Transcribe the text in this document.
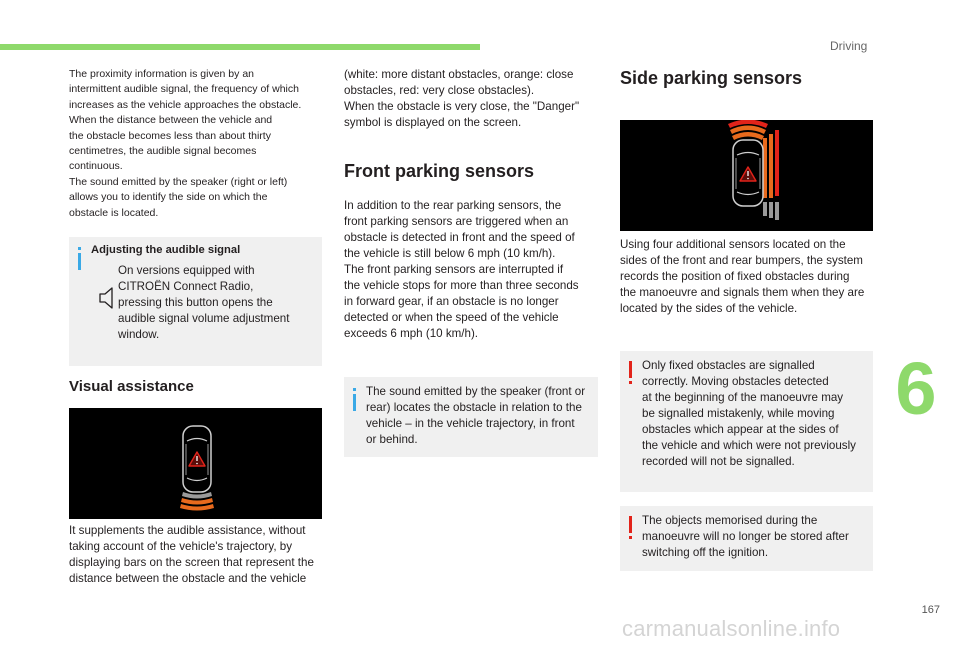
Driving
6
167
carmanualsonline.info

The proximity information is given by an
intermittent audible signal, the frequency of which
increases as the vehicle approaches the obstacle.
When the distance between the vehicle and
the obstacle becomes less than about thirty
centimetres, the audible signal becomes
continuous.
The sound emitted by the speaker (right or left)
allows you to identify the side on which the
obstacle is located.

Adjusting the audible signal

On versions equipped with
CITROËN Connect Radio,
pressing this button opens the
audible signal volume adjustment
window.

Visual assistance

It supplements the audible assistance, without
taking account of the vehicle's trajectory, by
displaying bars on the screen that represent the
distance between the obstacle and the vehicle

(white: more distant obstacles, orange: close
obstacles, red: very close obstacles).
When the obstacle is very close, the "Danger"
symbol is displayed on the screen.

Front parking sensors

In addition to the rear parking sensors, the
front parking sensors are triggered when an
obstacle is detected in front and the speed of
the vehicle is still below 6 mph (10 km/h).
The front parking sensors are interrupted if
the vehicle stops for more than three seconds
in forward gear, if an obstacle is no longer
detected or when the speed of the vehicle
exceeds 6 mph (10 km/h).

The sound emitted by the speaker (front or
rear) locates the obstacle in relation to the
vehicle – in the vehicle trajectory, in front
or behind.

Side parking sensors

Using four additional sensors located on the
sides of the front and rear bumpers, the system
records the position of fixed obstacles during
the manoeuvre and signals them when they are
located by the sides of the vehicle.

Only fixed obstacles are signalled
correctly. Moving obstacles detected
at the beginning of the manoeuvre may
be signalled mistakenly, while moving
obstacles which appear at the sides of
the vehicle and which were not previously
recorded will not be signalled.

The objects memorised during the
manoeuvre will no longer be stored after
switching off the ignition.
